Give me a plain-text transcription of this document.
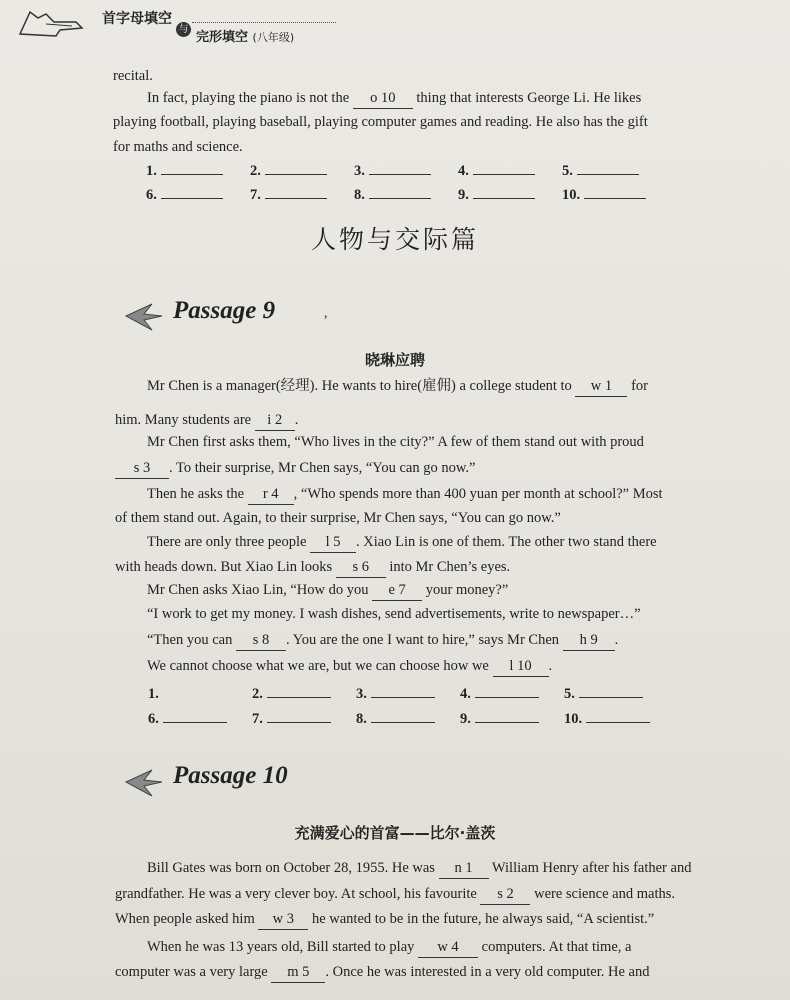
首字母填空
与
完形填空 (八年级)
recital.
In fact, playing the piano is not the o 10 thing that interests George Li. He likes
playing football, playing baseball, playing computer games and reading. He also has the gift
for maths and science.
1.	2.	3.	4.	5.
6.	7.	8.	9.	10.
人物与交际篇
Passage 9	,
晓琳应聘
Mr Chen is a manager(经理). He wants to hire(雇佣) a college student to w 1 for
him. Many students are i 2 .
Mr Chen first asks them, “Who lives in the city?” A few of them stand out with proud
s 3 . To their surprise, Mr Chen says, “You can go now.”
Then he asks the r 4 , “Who spends more than 400 yuan per month at school?” Most
of them stand out. Again, to their surprise, Mr Chen says, “You can go now.”
There are only three people l 5 . Xiao Lin is one of them. The other two stand there
with heads down. But Xiao Lin looks s 6 into Mr Chen’s eyes.
Mr Chen asks Xiao Lin, “How do you e 7 your money?”
“I work to get my money. I wash dishes, send advertisements, write to newspaper…”
“Then you can s 8 . You are the one I want to hire,” says Mr Chen h 9 .
We cannot choose what we are, but we can choose how we l 10 .
1.	2.	3.	4.	5.
6.	7.	8.	9.	10.
Passage 10
充满爱心的首富——比尔·盖茨
Bill Gates was born on October 28, 1955. He was n 1 William Henry after his father and
grandfather. He was a very clever boy. At school, his favourite s 2 were science and maths.
When people asked him w 3 he wanted to be in the future, he always said, “A scientist.”
When he was 13 years old, Bill started to play w 4 computers. At that time, a
computer was a very large m 5 . Once he was interested in a very old computer. He and
